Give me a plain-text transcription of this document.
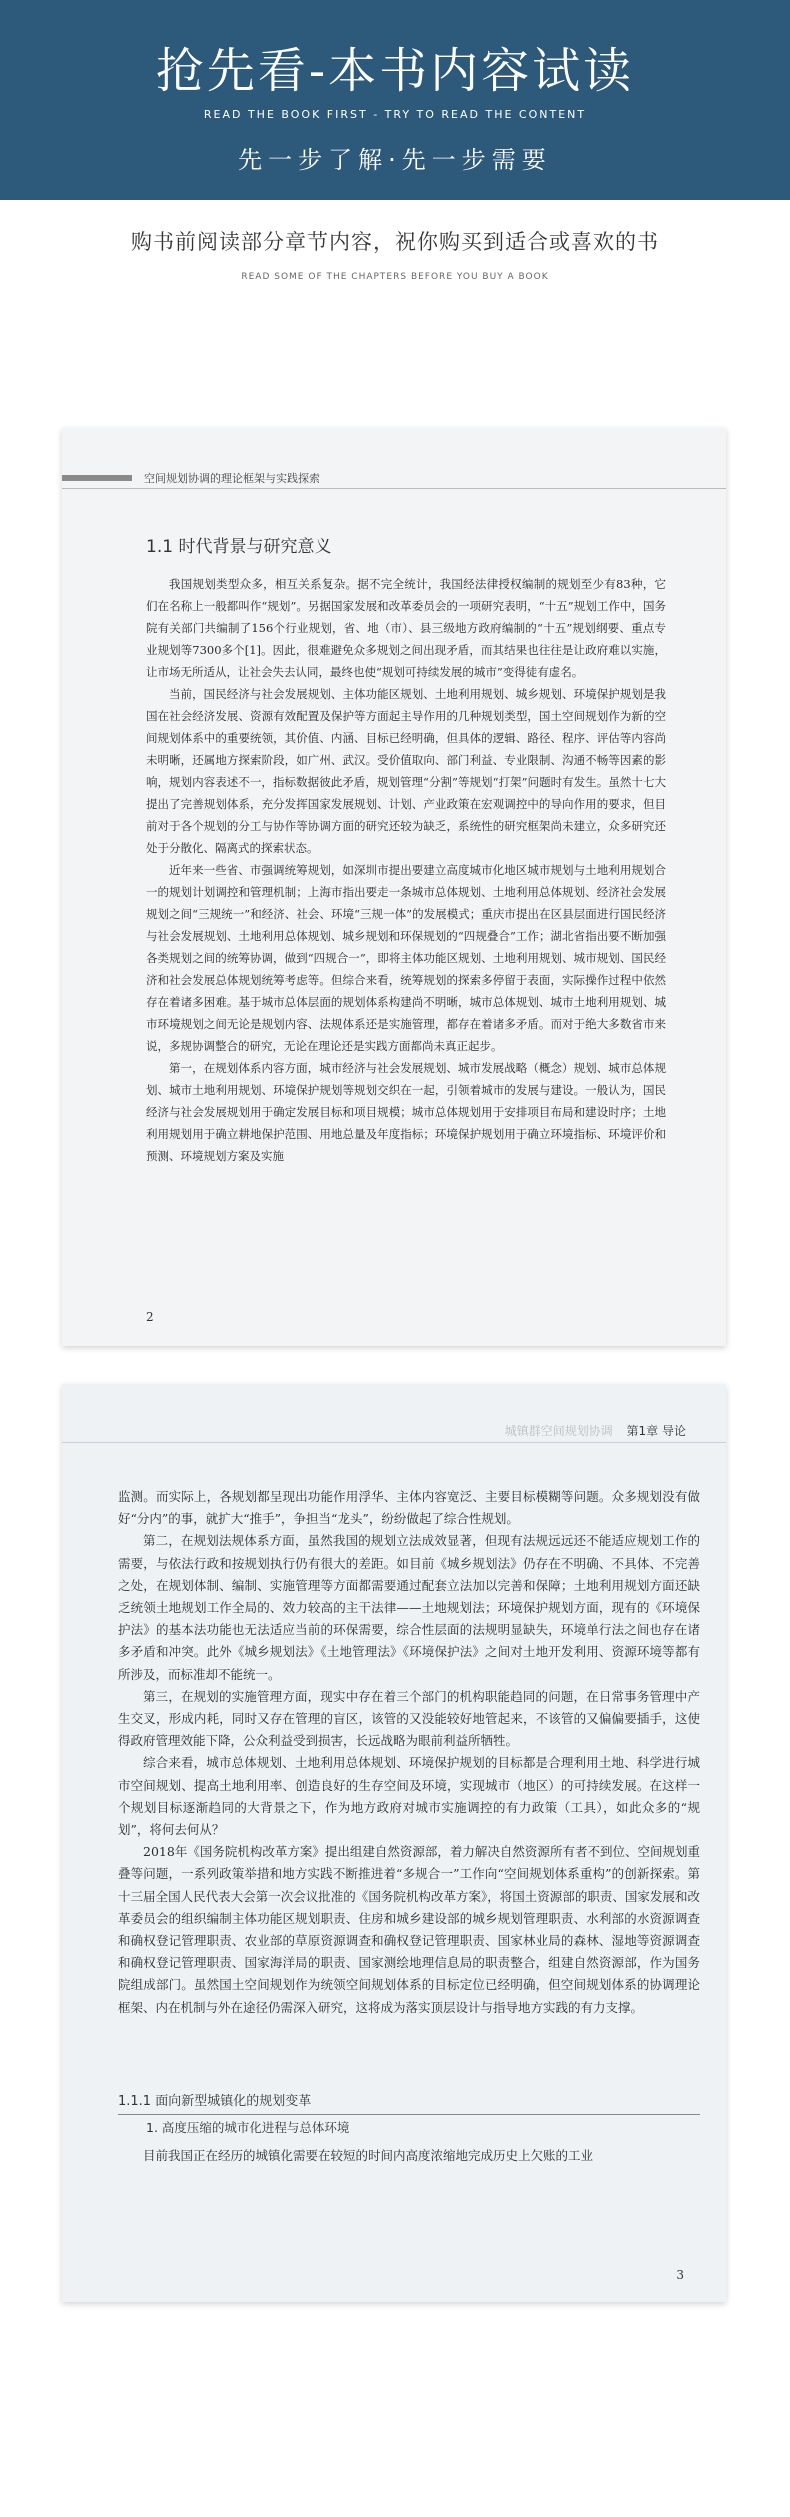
抢先看-本书内容试读
READ THE BOOK FIRST - TRY TO READ THE CONTENT
先一步了解·先一步需要
购书前阅读部分章节内容，祝你购买到适合或喜欢的书
READ SOME OF THE CHAPTERS BEFORE YOU BUY A BOOK
空间规划协调的理论框架与实践探索
1.1 时代背景与研究意义

我国规划类型众多，相互关系复杂。据不完全统计，我国经法律授权编制的规划至少有83种，它们在名称上一般都叫作“规划”。另据国家发展和改革委员会的一项研究表明，“十五”规划工作中，国务院有关部门共编制了156个行业规划，省、地（市）、县三级地方政府编制的“十五”规划纲要、重点专业规划等7300多个[1]。因此，很难避免众多规划之间出现矛盾，而其结果也往往是让政府难以实施，让市场无所适从，让社会失去认同，最终也使“规划可持续发展的城市”变得徒有虚名。

当前，国民经济与社会发展规划、主体功能区规划、土地利用规划、城乡规划、环境保护规划是我国在社会经济发展、资源有效配置及保护等方面起主导作用的几种规划类型，国土空间规划作为新的空间规划体系中的重要统领，其价值、内涵、目标已经明确，但具体的逻辑、路径、程序、评估等内容尚未明晰，还属地方探索阶段，如广州、武汉。受价值取向、部门利益、专业限制、沟通不畅等因素的影响，规划内容表述不一，指标数据彼此矛盾，规划管理“分割”等规划“打架”问题时有发生。虽然十七大提出了完善规划体系，充分发挥国家发展规划、计划、产业政策在宏观调控中的导向作用的要求，但目前对于各个规划的分工与协作等协调方面的研究还较为缺乏，系统性的研究框架尚未建立，众多研究还处于分散化、隔离式的探索状态。

近年来一些省、市强调统筹规划，如深圳市提出要建立高度城市化地区城市规划与土地利用规划合一的规划计划调控和管理机制；上海市指出要走一条城市总体规划、土地利用总体规划、经济社会发展规划之间“三规统一”和经济、社会、环境“三规一体”的发展模式；重庆市提出在区县层面进行国民经济与社会发展规划、土地利用总体规划、城乡规划和环保规划的“四规叠合”工作；湖北省指出要不断加强各类规划之间的统筹协调，做到“四规合一”，即将主体功能区规划、土地利用规划、城市规划、国民经济和社会发展总体规划统筹考虑等。但综合来看，统筹规划的探索多停留于表面，实际操作过程中依然存在着诸多困难。基于城市总体层面的规划体系构建尚不明晰，城市总体规划、城市土地利用规划、城市环境规划之间无论是规划内容、法规体系还是实施管理，都存在着诸多矛盾。而对于绝大多数省市来说，多规协调整合的研究，无论在理论还是实践方面都尚未真正起步。

第一，在规划体系内容方面，城市经济与社会发展规划、城市发展战略（概念）规划、城市总体规划、城市土地利用规划、环境保护规划等规划交织在一起，引领着城市的发展与建设。一般认为，国民经济与社会发展规划用于确定发展目标和项目规模；城市总体规划用于安排项目布局和建设时序；土地利用规划用于确立耕地保护范围、用地总量及年度指标；环境保护规划用于确立环境指标、环境评价和预测、环境规划方案及实施

2
城镇群空间规划协调 第1章 导论

监测。而实际上，各规划都呈现出功能作用浮华、主体内容宽泛、主要目标模糊等问题。众多规划没有做好“分内”的事，就扩大“推手”，争担当“龙头”，纷纷做起了综合性规划。

第二，在规划法规体系方面，虽然我国的规划立法成效显著，但现有法规远远还不能适应规划工作的需要，与依法行政和按规划执行仍有很大的差距。如目前《城乡规划法》仍存在不明确、不具体、不完善之处，在规划体制、编制、实施管理等方面都需要通过配套立法加以完善和保障；土地利用规划方面还缺乏统领土地规划工作全局的、效力较高的主干法律——土地规划法；环境保护规划方面，现有的《环境保护法》的基本法功能也无法适应当前的环保需要，综合性层面的法规明显缺失，环境单行法之间也存在诸多矛盾和冲突。此外《城乡规划法》《土地管理法》《环境保护法》之间对土地开发利用、资源环境等都有所涉及，而标准却不能统一。

第三，在规划的实施管理方面，现实中存在着三个部门的机构职能趋同的问题，在日常事务管理中产生交叉，形成内耗，同时又存在管理的盲区，该管的又没能较好地管起来，不该管的又偏偏要插手，这使得政府管理效能下降，公众利益受到损害，长远战略为眼前利益所牺牲。

综合来看，城市总体规划、土地利用总体规划、环境保护规划的目标都是合理利用土地、科学进行城市空间规划、提高土地利用率、创造良好的生存空间及环境，实现城市（地区）的可持续发展。在这样一个规划目标逐渐趋同的大背景之下，作为地方政府对城市实施调控的有力政策（工具），如此众多的“规划”，将何去何从？

2018年《国务院机构改革方案》提出组建自然资源部，着力解决自然资源所有者不到位、空间规划重叠等问题，一系列政策举措和地方实践不断推进着“多规合一”工作向“空间规划体系重构”的创新探索。第十三届全国人民代表大会第一次会议批准的《国务院机构改革方案》，将国土资源部的职责、国家发展和改革委员会的组织编制主体功能区规划职责、住房和城乡建设部的城乡规划管理职责、水利部的水资源调查和确权登记管理职责、农业部的草原资源调查和确权登记管理职责、国家林业局的森林、湿地等资源调查和确权登记管理职责、国家海洋局的职责、国家测绘地理信息局的职责整合，组建自然资源部，作为国务院组成部门。虽然国土空间规划作为统领空间规划体系的目标定位已经明确，但空间规划体系的协调理论框架、内在机制与外在途径仍需深入研究，这将成为落实顶层设计与指导地方实践的有力支撑。

1.1.1 面向新型城镇化的规划变革
1. 高度压缩的城市化进程与总体环境
目前我国正在经历的城镇化需要在较短的时间内高度浓缩地完成历史上欠账的工业
3
